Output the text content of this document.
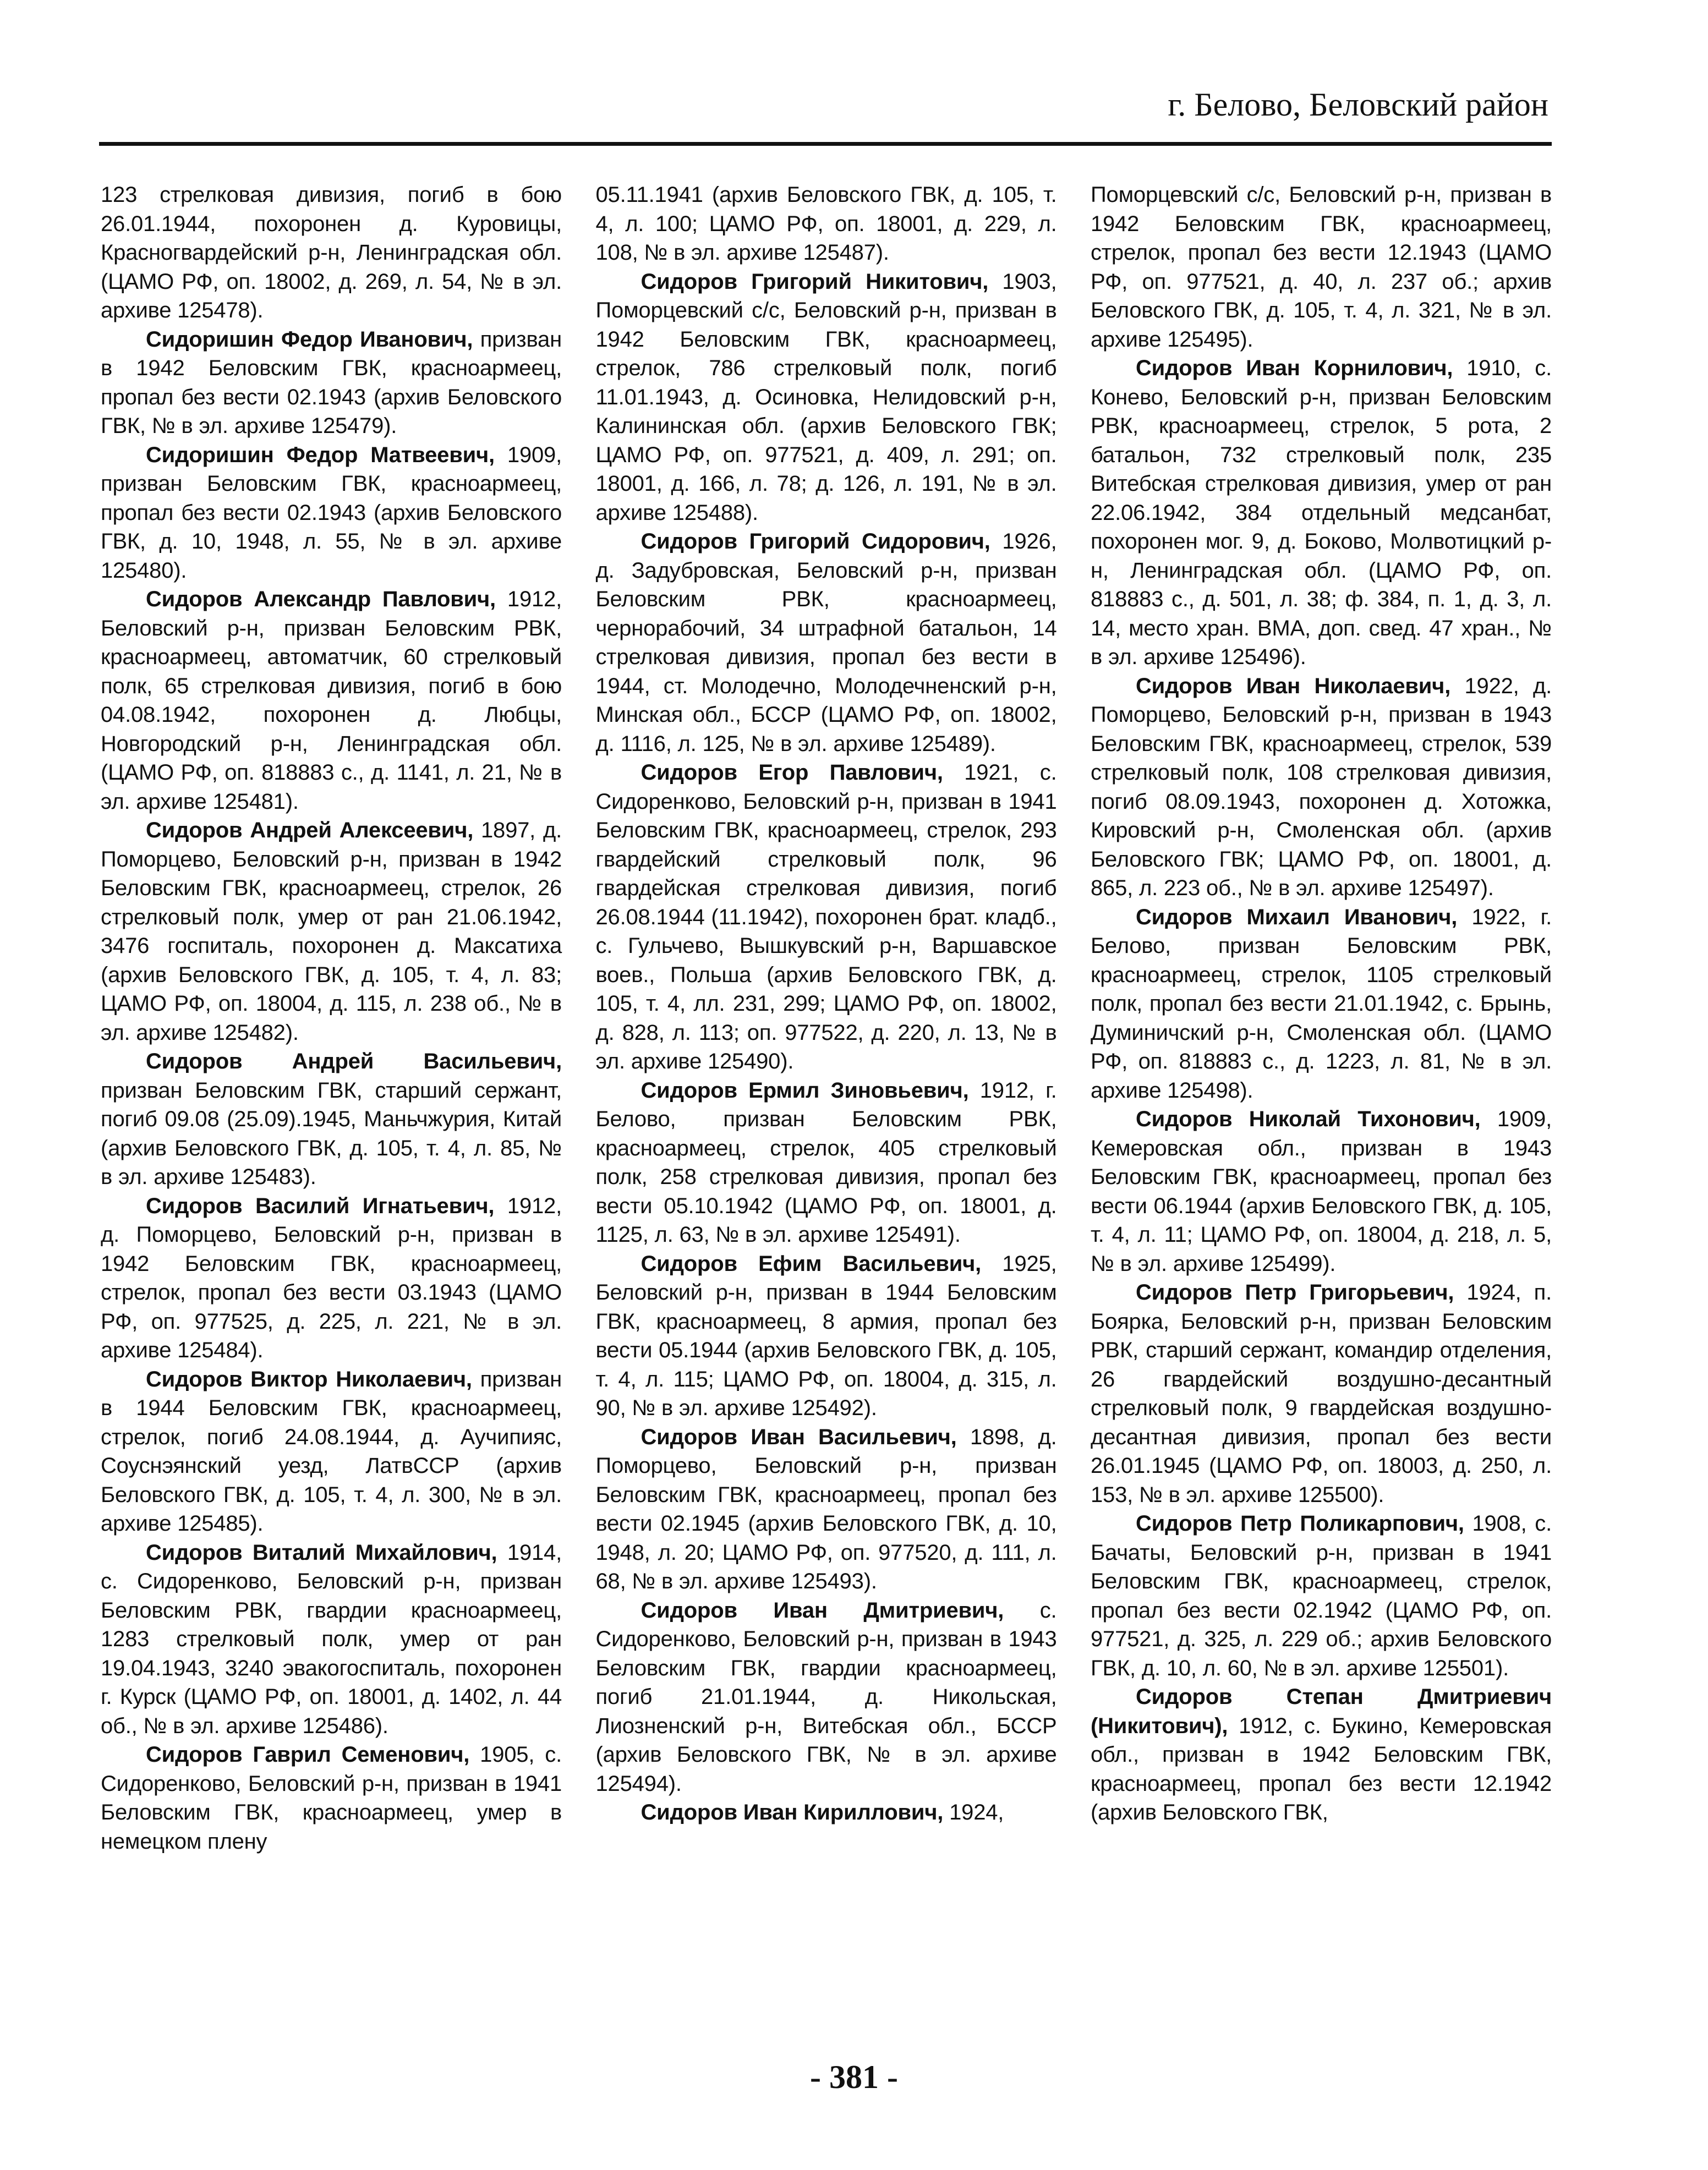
г. Белово, Беловский район

123 стрелковая дивизия, погиб в бою 26.01.1944, похоронен д. Куровицы, Красногвардейский р-н, Ленинградская обл. (ЦАМО РФ, оп. 18002, д. 269, л. 54, № в эл. архиве 125478).

Сидоришин Федор Иванович, призван в 1942 Беловским ГВК, красноармеец, пропал без вести 02.1943 (архив Беловского ГВК, № в эл. архиве 125479).

Сидоришин Федор Матвеевич, 1909, призван Беловским ГВК, красноармеец, пропал без вести 02.1943 (архив Беловского ГВК, д. 10, 1948, л. 55, № в эл. архиве 125480).

Сидоров Александр Павлович, 1912, Беловский р-н, призван Беловским РВК, красноармеец, автоматчик, 60 стрелковый полк, 65 стрелковая дивизия, погиб в бою 04.08.1942, похоронен д. Любцы, Новгородский р-н, Ленинградская обл. (ЦАМО РФ, оп. 818883 с., д. 1141, л. 21, № в эл. архиве 125481).

Сидоров Андрей Алексеевич, 1897, д. Поморцево, Беловский р-н, призван в 1942 Беловским ГВК, красноармеец, стрелок, 26 стрелковый полк, умер от ран 21.06.1942, 3476 госпиталь, похоронен д. Максатиха (архив Беловского ГВК, д. 105, т. 4, л. 83; ЦАМО РФ, оп. 18004, д. 115, л. 238 об., № в эл. архиве 125482).

Сидоров Андрей Васильевич, призван Беловским ГВК, старший сержант, погиб 09.08 (25.09).1945, Маньчжурия, Китай (архив Беловского ГВК, д. 105, т. 4, л. 85, № в эл. архиве 125483).

Сидоров Василий Игнатьевич, 1912, д. Поморцево, Беловский р-н, призван в 1942 Беловским ГВК, красноармеец, стрелок, пропал без вести 03.1943 (ЦАМО РФ, оп. 977525, д. 225, л. 221, № в эл. архиве 125484).

Сидоров Виктор Николаевич, призван в 1944 Беловским ГВК, красноармеец, стрелок, погиб 24.08.1944, д. Аучипияс, Соуснэянский уезд, ЛатвССР (архив Беловского ГВК, д. 105, т. 4, л. 300, № в эл. архиве 125485).

Сидоров Виталий Михайлович, 1914, с. Сидоренково, Беловский р-н, призван Беловским РВК, гвардии красноармеец, 1283 стрелковый полк, умер от ран 19.04.1943, 3240 эвакогоспиталь, похоронен г. Курск (ЦАМО РФ, оп. 18001, д. 1402, л. 44 об., № в эл. архиве 125486).

Сидоров Гаврил Семенович, 1905, с. Сидоренково, Беловский р-н, призван в 1941 Беловским ГВК, красноармеец, умер в немецком плену

05.11.1941 (архив Беловского ГВК, д. 105, т. 4, л. 100; ЦАМО РФ, оп. 18001, д. 229, л. 108, № в эл. архиве 125487).

Сидоров Григорий Никитович, 1903, Поморцевский с/с, Беловский р-н, призван в 1942 Беловским ГВК, красноармеец, стрелок, 786 стрелковый полк, погиб 11.01.1943, д. Осиновка, Нелидовский р-н, Калининская обл. (архив Беловского ГВК; ЦАМО РФ, оп. 977521, д. 409, л. 291; оп. 18001, д. 166, л. 78; д. 126, л. 191, № в эл. архиве 125488).

Сидоров Григорий Сидорович, 1926, д. Задубровская, Беловский р-н, призван Беловским РВК, красноармеец, чернорабочий, 34 штрафной батальон, 14 стрелковая дивизия, пропал без вести в 1944, ст. Молодечно, Молодечненский р-н, Минская обл., БССР (ЦАМО РФ, оп. 18002, д. 1116, л. 125, № в эл. архиве 125489).

Сидоров Егор Павлович, 1921, с. Сидоренково, Беловский р-н, призван в 1941 Беловским ГВК, красноармеец, стрелок, 293 гвардейский стрелковый полк, 96 гвардейская стрелковая дивизия, погиб 26.08.1944 (11.1942), похоронен брат. кладб., с. Гульчево, Вышкувский р-н, Варшавское воев., Польша (архив Беловского ГВК, д. 105, т. 4, лл. 231, 299; ЦАМО РФ, оп. 18002, д. 828, л. 113; оп. 977522, д. 220, л. 13, № в эл. архиве 125490).

Сидоров Ермил Зиновьевич, 1912, г. Белово, призван Беловским РВК, красноармеец, стрелок, 405 стрелковый полк, 258 стрелковая дивизия, пропал без вести 05.10.1942 (ЦАМО РФ, оп. 18001, д. 1125, л. 63, № в эл. архиве 125491).

Сидоров Ефим Васильевич, 1925, Беловский р-н, призван в 1944 Беловским ГВК, красноармеец, 8 армия, пропал без вести 05.1944 (архив Беловского ГВК, д. 105, т. 4, л. 115; ЦАМО РФ, оп. 18004, д. 315, л. 90, № в эл. архиве 125492).

Сидоров Иван Васильевич, 1898, д. Поморцево, Беловский р-н, призван Беловским ГВК, красноармеец, пропал без вести 02.1945 (архив Беловского ГВК, д. 10, 1948, л. 20; ЦАМО РФ, оп. 977520, д. 111, л. 68, № в эл. архиве 125493).

Сидоров Иван Дмитриевич, с. Сидоренково, Беловский р-н, призван в 1943 Беловским ГВК, гвардии красноармеец, погиб 21.01.1944, д. Никольская, Лиозненский р-н, Витебская обл., БССР (архив Беловского ГВК, № в эл. архиве 125494).

Сидоров Иван Кириллович, 1924,

Поморцевский с/с, Беловский р-н, призван в 1942 Беловским ГВК, красноармеец, стрелок, пропал без вести 12.1943 (ЦАМО РФ, оп. 977521, д. 40, л. 237 об.; архив Беловского ГВК, д. 105, т. 4, л. 321, № в эл. архиве 125495).

Сидоров Иван Корнилович, 1910, с. Конево, Беловский р-н, призван Беловским РВК, красноармеец, стрелок, 5 рота, 2 батальон, 732 стрелковый полк, 235 Витебская стрелковая дивизия, умер от ран 22.06.1942, 384 отдельный медсанбат, похоронен мог. 9, д. Боково, Молвотицкий р-н, Ленинградская обл. (ЦАМО РФ, оп. 818883 с., д. 501, л. 38; ф. 384, п. 1, д. 3, л. 14, место хран. ВМА, доп. свед. 47 хран., № в эл. архиве 125496).

Сидоров Иван Николаевич, 1922, д. Поморцево, Беловский р-н, призван в 1943 Беловским ГВК, красноармеец, стрелок, 539 стрелковый полк, 108 стрелковая дивизия, погиб 08.09.1943, похоронен д. Хотожка, Кировский р-н, Смоленская обл. (архив Беловского ГВК; ЦАМО РФ, оп. 18001, д. 865, л. 223 об., № в эл. архиве 125497).

Сидоров Михаил Иванович, 1922, г. Белово, призван Беловским РВК, красноармеец, стрелок, 1105 стрелковый полк, пропал без вести 21.01.1942, с. Брынь, Думиничский р-н, Смоленская обл. (ЦАМО РФ, оп. 818883 с., д. 1223, л. 81, № в эл. архиве 125498).

Сидоров Николай Тихонович, 1909, Кемеровская обл., призван в 1943 Беловским ГВК, красноармеец, пропал без вести 06.1944 (архив Беловского ГВК, д. 105, т. 4, л. 11; ЦАМО РФ, оп. 18004, д. 218, л. 5, № в эл. архиве 125499).

Сидоров Петр Григорьевич, 1924, п. Боярка, Беловский р-н, призван Беловским РВК, старший сержант, командир отделения, 26 гвардейский воздушно-десантный стрелковый полк, 9 гвардейская воздушно-десантная дивизия, пропал без вести 26.01.1945 (ЦАМО РФ, оп. 18003, д. 250, л. 153, № в эл. архиве 125500).

Сидоров Петр Поликарпович, 1908, с. Бачаты, Беловский р-н, призван в 1941 Беловским ГВК, красноармеец, стрелок, пропал без вести 02.1942 (ЦАМО РФ, оп. 977521, д. 325, л. 229 об.; архив Беловского ГВК, д. 10, л. 60, № в эл. архиве 125501).

Сидоров Степан Дмитриевич (Никитович), 1912, с. Букино, Кемеровская обл., призван в 1942 Беловским ГВК, красноармеец, пропал без вести 12.1942 (архив Беловского ГВК,

- 381 -
